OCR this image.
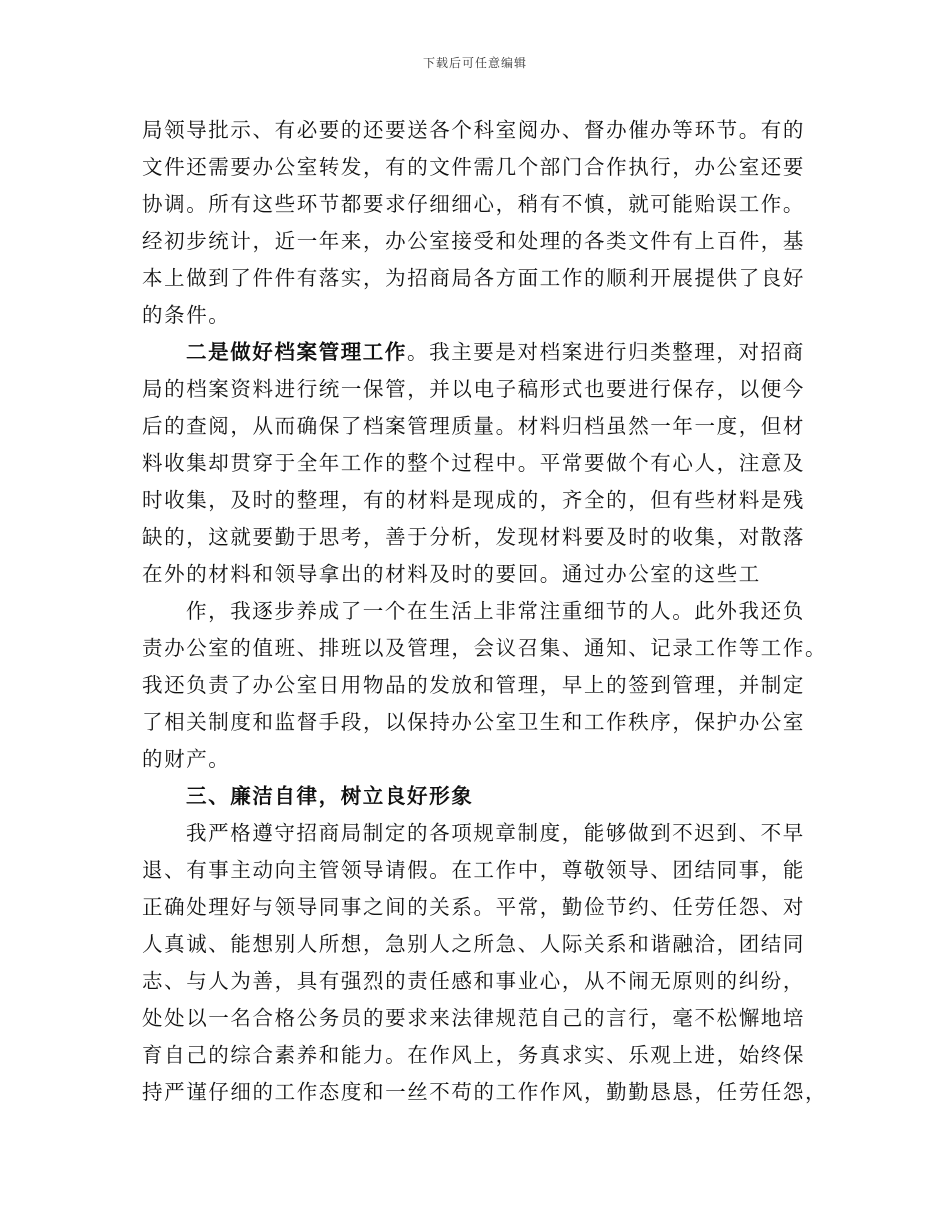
下载后可任意编辑
局领导批示、有必要的还要送各个科室阅办、督办催办等环节。有的
文件还需要办公室转发，有的文件需几个部门合作执行，办公室还要
协调。所有这些环节都要求仔细细心，稍有不慎，就可能贻误工作。
经初步统计，近一年来，办公室接受和处理的各类文件有上百件，基
本上做到了件件有落实，为招商局各方面工作的顺利开展提供了良好
的条件。
二是做好档案管理工作。我主要是对档案进行归类整理，对招商
局的档案资料进行统一保管，并以电子稿形式也要进行保存，以便今
后的查阅，从而确保了档案管理质量。材料归档虽然一年一度，但材
料收集却贯穿于全年工作的整个过程中。平常要做个有心人，注意及
时收集，及时的整理，有的材料是现成的，齐全的，但有些材料是残
缺的，这就要勤于思考，善于分析，发现材料要及时的收集，对散落
在外的材料和领导拿出的材料及时的要回。通过办公室的这些工
作，我逐步养成了一个在生活上非常注重细节的人。此外我还负
责办公室的值班、排班以及管理，会议召集、通知、记录工作等工作。
我还负责了办公室日用物品的发放和管理，早上的签到管理，并制定
了相关制度和监督手段，以保持办公室卫生和工作秩序，保护办公室
的财产。
三、廉洁自律，树立良好形象
我严格遵守招商局制定的各项规章制度，能够做到不迟到、不早
退、有事主动向主管领导请假。在工作中，尊敬领导、团结同事，能
正确处理好与领导同事之间的关系。平常，勤俭节约、任劳任怨、对
人真诚、能想别人所想，急别人之所急、人际关系和谐融洽，团结同
志、与人为善，具有强烈的责任感和事业心，从不闹无原则的纠纷，
处处以一名合格公务员的要求来法律规范自己的言行，毫不松懈地培
育自己的综合素养和能力。在作风上，务真求实、乐观上进，始终保
持严谨仔细的工作态度和一丝不苟的工作作风，勤勤恳恳，任劳任怨，
